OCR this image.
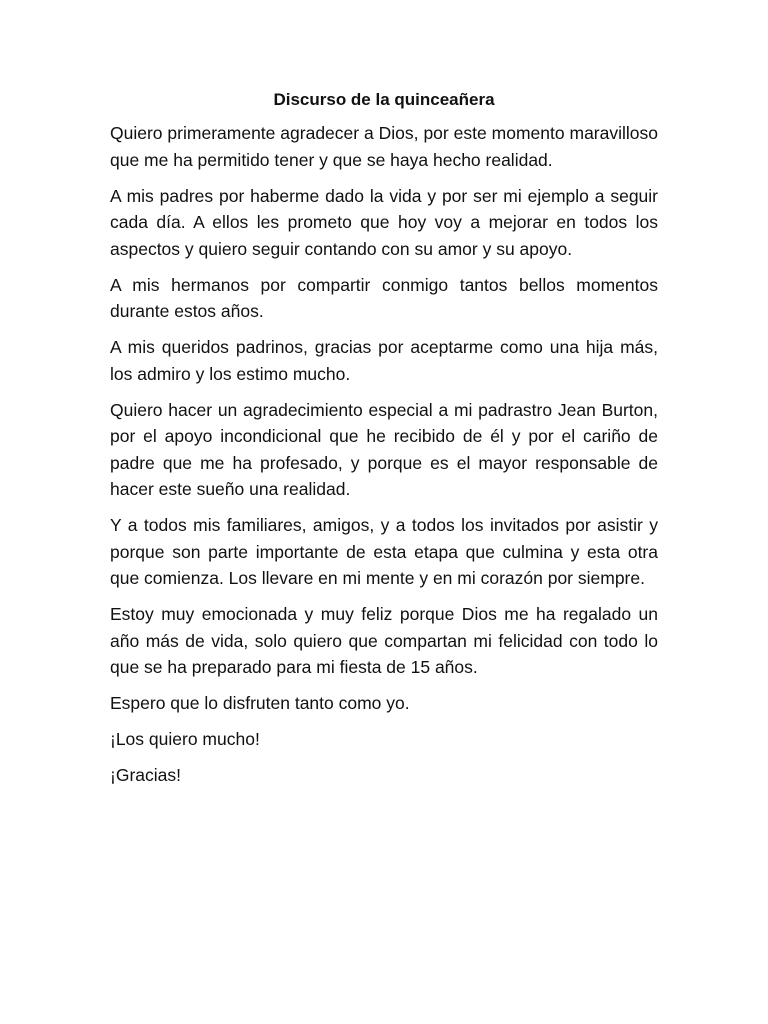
Discurso de la quinceañera

Quiero primeramente agradecer a Dios, por este momento maravilloso que me ha permitido tener y que se haya hecho realidad.

A mis padres por haberme dado la vida y por ser mi ejemplo a seguir cada día. A ellos les prometo que hoy voy a mejorar en todos los aspectos y quiero seguir contando con su amor y su apoyo.

A mis hermanos por compartir conmigo tantos bellos momentos durante estos años.

A mis queridos padrinos, gracias por aceptarme como una hija más, los admiro y los estimo mucho.

Quiero hacer un agradecimiento especial a mi padrastro Jean Burton, por el apoyo incondicional que he recibido de él y por el cariño de padre que me ha profesado, y porque es el mayor responsable de hacer este sueño una realidad.

Y a todos mis familiares, amigos, y a todos los invitados por asistir y porque son parte importante de esta etapa que culmina y esta otra que comienza. Los llevare en mi mente y en mi corazón por siempre.

Estoy muy emocionada y muy feliz porque Dios me ha regalado un año más de vida, solo quiero que compartan mi felicidad con todo lo que se ha preparado para mi fiesta de 15 años.

Espero que lo disfruten tanto como yo.

¡Los quiero mucho!

¡Gracias!
